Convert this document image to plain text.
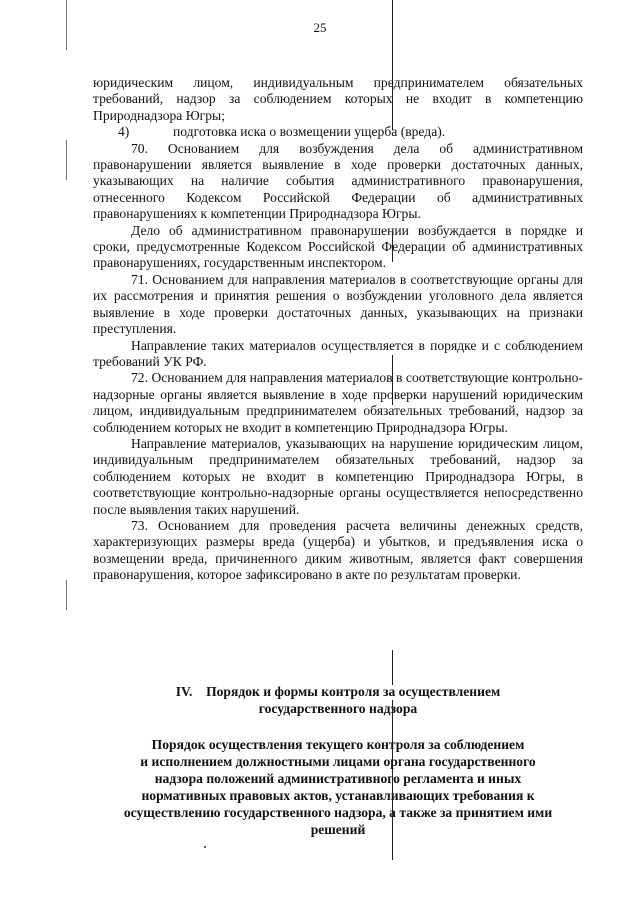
25

юридическим лицом, индивидуальным предпринимателем обязательных требований, надзор за соблюдением которых не входит в компетенцию Природнадзора Югры;

4)	подготовка иска о возмещении ущерба (вреда).

70. Основанием для возбуждения дела об административном правонарушении является выявление в ходе проверки достаточных данных, указывающих на наличие события административного правонарушения, отнесенного Кодексом Российской Федерации об административных правонарушениях к компетенции Природнадзора Югры.

Дело об административном правонарушении возбуждается в порядке и сроки, предусмотренные Кодексом Российской Федерации об административных правонарушениях, государственным инспектором.

71. Основанием для направления материалов в соответствующие органы для их рассмотрения и принятия решения о возбуждении уголовного дела является выявление в ходе проверки достаточных данных, указывающих на признаки преступления.

Направление таких материалов осуществляется в порядке и с соблюдением требований УК РФ.

72. Основанием для направления материалов в соответствующие контрольно-надзорные органы является выявление в ходе проверки нарушений юридическим лицом, индивидуальным предпринимателем обязательных требований, надзор за соблюдением которых не входит в компетенцию Природнадзора Югры.

Направление материалов, указывающих на нарушение юридическим лицом, индивидуальным предпринимателем обязательных требований, надзор за соблюдением которых не входит в компетенцию Природнадзора Югры, в соответствующие контрольно-надзорные органы осуществляется непосредственно после выявления таких нарушений.

73. Основанием для проведения расчета величины денежных средств, характеризующих размеры вреда (ущерба) и убытков, и предъявления иска о возмещении вреда, причиненного диким животным, является факт совершения правонарушения, которое зафиксировано в акте по результатам проверки.

IV. Порядок и формы контроля за осуществлением
государственного надзора
Порядок осуществления текущего контроля за соблюдением
и исполнением должностными лицами органа государственного
надзора положений административного регламента и иных
нормативных правовых актов, устанавливающих требования к
осуществлению государственного надзора, а также за принятием ими
решений
